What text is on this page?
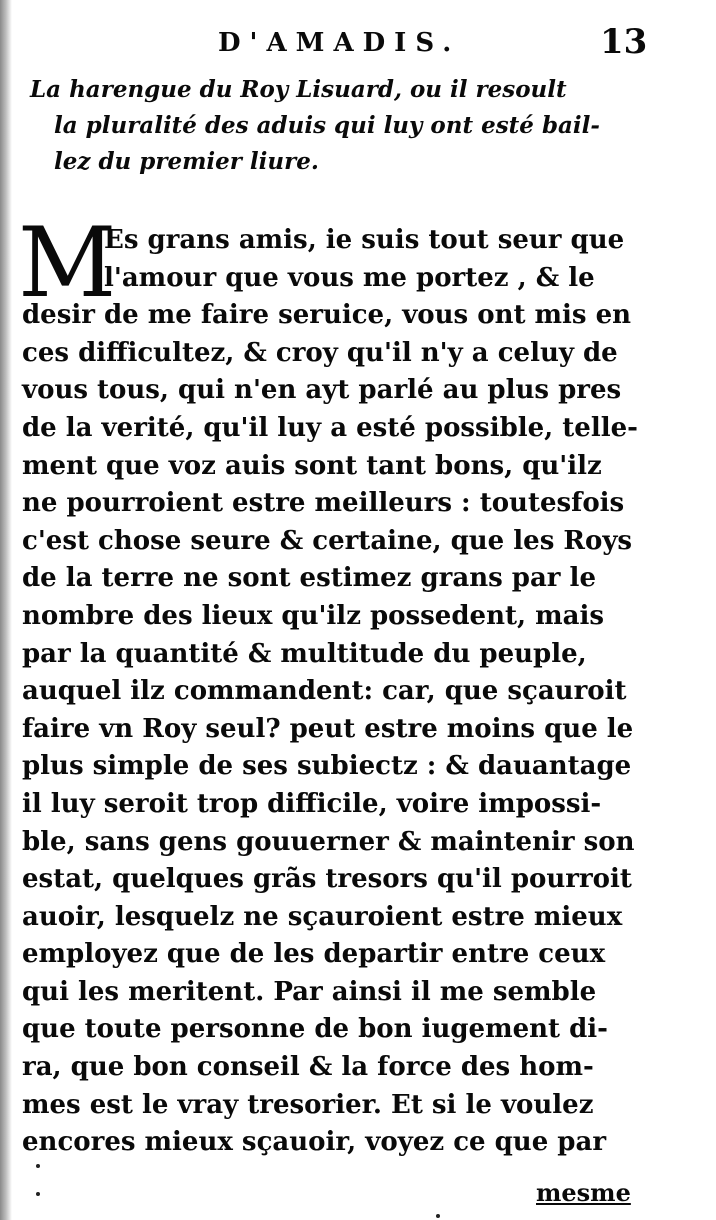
D'AMADIS.	13
La harengue du Roy Lisuard, ou il resoult
la pluralité des aduis qui luy ont esté bail-
lez du premier liure.
M
Es grans amis, ie suis tout seur que
l'amour que vous me portez , & le
desir de me faire seruice, vous ont mis en
ces difficultez, & croy qu'il n'y a celuy de
vous tous, qui n'en ayt parlé au plus pres
de la verité, qu'il luy a esté possible, telle-
ment que voz auis sont tant bons, qu'ilz
ne pourroient estre meilleurs : toutesfois
c'est chose seure & certaine, que les Roys
de la terre ne sont estimez grans par le
nombre des lieux qu'ilz possedent, mais
par la quantité & multitude du peuple,
auquel ilz commandent: car, que sçauroit
faire vn Roy seul? peut estre moins que le
plus simple de ses subiectz : & dauantage
il luy seroit trop difficile, voire impossi-
ble, sans gens gouuerner & maintenir son
estat, quelques grãs tresors qu'il pourroit
auoir, lesquelz ne sçauroient estre mieux
employez que de les departir entre ceux
qui les meritent. Par ainsi il me semble
que toute personne de bon iugement di-
ra, que bon conseil & la force des hom-
mes est le vray tresorier. Et si le voulez
encores mieux sçauoir, voyez ce que par
mesme
